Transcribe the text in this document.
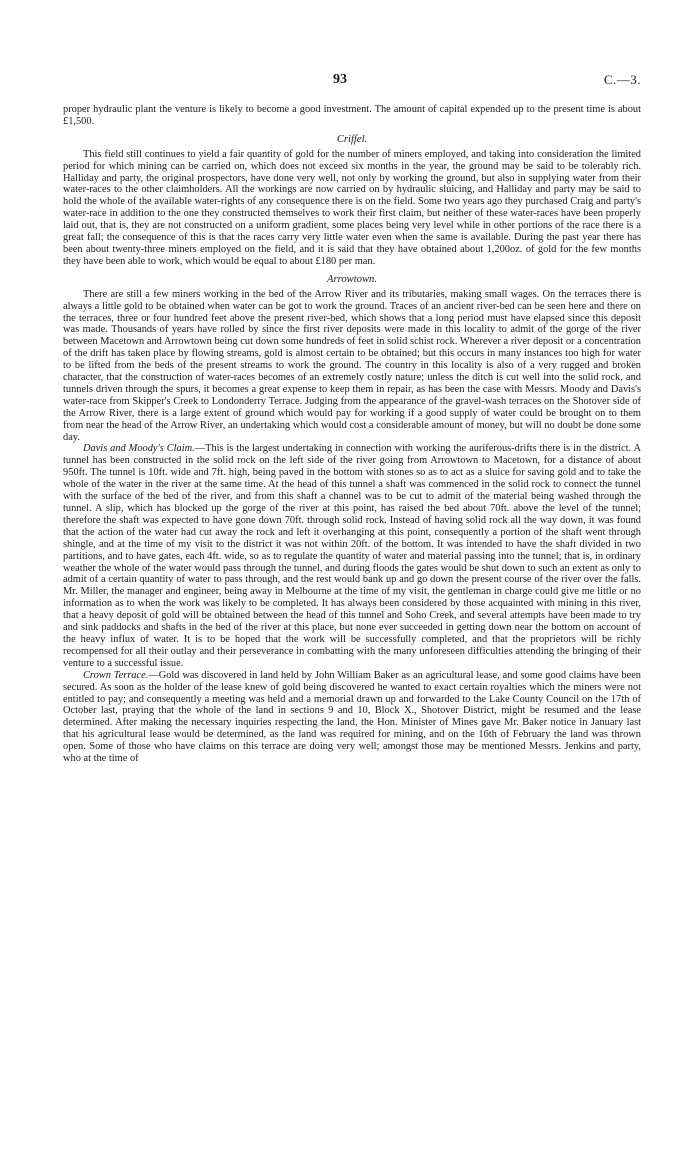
93	C.—3.

proper hydraulic plant the venture is likely to become a good investment. The amount of capital expended up to the present time is about £1,500.

Criffel.

This field still continues to yield a fair quantity of gold for the number of miners employed, and taking into consideration the limited period for which mining can be carried on, which does not exceed six months in the year, the ground may be said to be tolerably rich. Halliday and party, the original prospectors, have done very well, not only by working the ground, but also in supplying water from their water-races to the other claimholders. All the workings are now carried on by hydraulic sluicing, and Halliday and party may be said to hold the whole of the available water-rights of any consequence there is on the field. Some two years ago they purchased Craig and party's water-race in addition to the one they constructed themselves to work their first claim, but neither of these water-races have been properly laid out, that is, they are not constructed on a uniform gradient, some places being very level while in other portions of the race there is a great fall; the consequence of this is that the races carry very little water even when the same is available. During the past year there has been about twenty-three miners employed on the field, and it is said that they have obtained about 1,200oz. of gold for the few months they have been able to work, which would be equal to about £180 per man.

Arrowtown.

There are still a few miners working in the bed of the Arrow River and its tributaries, making small wages. On the terraces there is always a little gold to be obtained when water can be got to work the ground. Traces of an ancient river-bed can be seen here and there on the terraces, three or four hundred feet above the present river-bed, which shows that a long period must have elapsed since this deposit was made. Thousands of years have rolled by since the first river deposits were made in this locality to admit of the gorge of the river between Macetown and Arrowtown being cut down some hundreds of feet in solid schist rock. Wherever a river deposit or a concentration of the drift has taken place by flowing streams, gold is almost certain to be obtained; but this occurs in many instances too high for water to be lifted from the beds of the present streams to work the ground. The country in this locality is also of a very rugged and broken character, that the construction of water-races becomes of an extremely costly nature; unless the ditch is cut well into the solid rock, and tunnels driven through the spurs, it becomes a great expense to keep them in repair, as has been the case with Messrs. Moody and Davis's water-race from Skipper's Creek to Londonderry Terrace. Judging from the appearance of the gravel-wash terraces on the Shotover side of the Arrow River, there is a large extent of ground which would pay for working if a good supply of water could be brought on to them from near the head of the Arrow River, an undertaking which would cost a considerable amount of money, but will no doubt be done some day.

Davis and Moody's Claim.—This is the largest undertaking in connection with working the auriferous-drifts there is in the district. A tunnel has been constructed in the solid rock on the left side of the river going from Arrowtown to Macetown, for a distance of about 950ft. The tunnel is 10ft. wide and 7ft. high, being paved in the bottom with stones so as to act as a sluice for saving gold and to take the whole of the water in the river at the same time. At the head of this tunnel a shaft was commenced in the solid rock to connect the tunnel with the surface of the bed of the river, and from this shaft a channel was to be cut to admit of the material being washed through the tunnel. A slip, which has blocked up the gorge of the river at this point, has raised the bed about 70ft. above the level of the tunnel; therefore the shaft was expected to have gone down 70ft. through solid rock. Instead of having solid rock all the way down, it was found that the action of the water had cut away the rock and left it overhanging at this point, consequently a portion of the shaft went through shingle, and at the time of my visit to the district it was not within 20ft. of the bottom. It was intended to have the shaft divided in two partitions, and to have gates, each 4ft. wide, so as to regulate the quantity of water and material passing into the tunnel; that is, in ordinary weather the whole of the water would pass through the tunnel, and during floods the gates would be shut down to such an extent as only to admit of a certain quantity of water to pass through, and the rest would bank up and go down the present course of the river over the falls. Mr. Miller, the manager and engineer, being away in Melbourne at the time of my visit, the gentleman in charge could give me little or no information as to when the work was likely to be completed. It has always been considered by those acquainted with mining in this river, that a heavy deposit of gold will be obtained between the head of this tunnel and Soho Creek, and several attempts have been made to try and sink paddocks and shafts in the bed of the river at this place, but none ever succeeded in getting down near the bottom on account of the heavy influx of water. It is to be hoped that the work will be successfully completed, and that the proprietors will be richly recompensed for all their outlay and their perseverance in combatting with the many unforeseen difficulties attending the bringing of their venture to a successful issue.

Crown Terrace.—Gold was discovered in land held by John William Baker as an agricultural lease, and some good claims have been secured. As soon as the holder of the lease knew of gold being discovered he wanted to exact certain royalties which the miners were not entitled to pay; and consequently a meeting was held and a memorial drawn up and forwarded to the Lake County Council on the 17th of October last, praying that the whole of the land in sections 9 and 10, Block X., Shotover District, might be resumed and the lease determined. After making the necessary inquiries respecting the land, the Hon. Minister of Mines gave Mr. Baker notice in January last that his agricultural lease would be determined, as the land was required for mining, and on the 16th of February the land was thrown open. Some of those who have claims on this terrace are doing very well; amongst those may be mentioned Messrs. Jenkins and party, who at the time of
